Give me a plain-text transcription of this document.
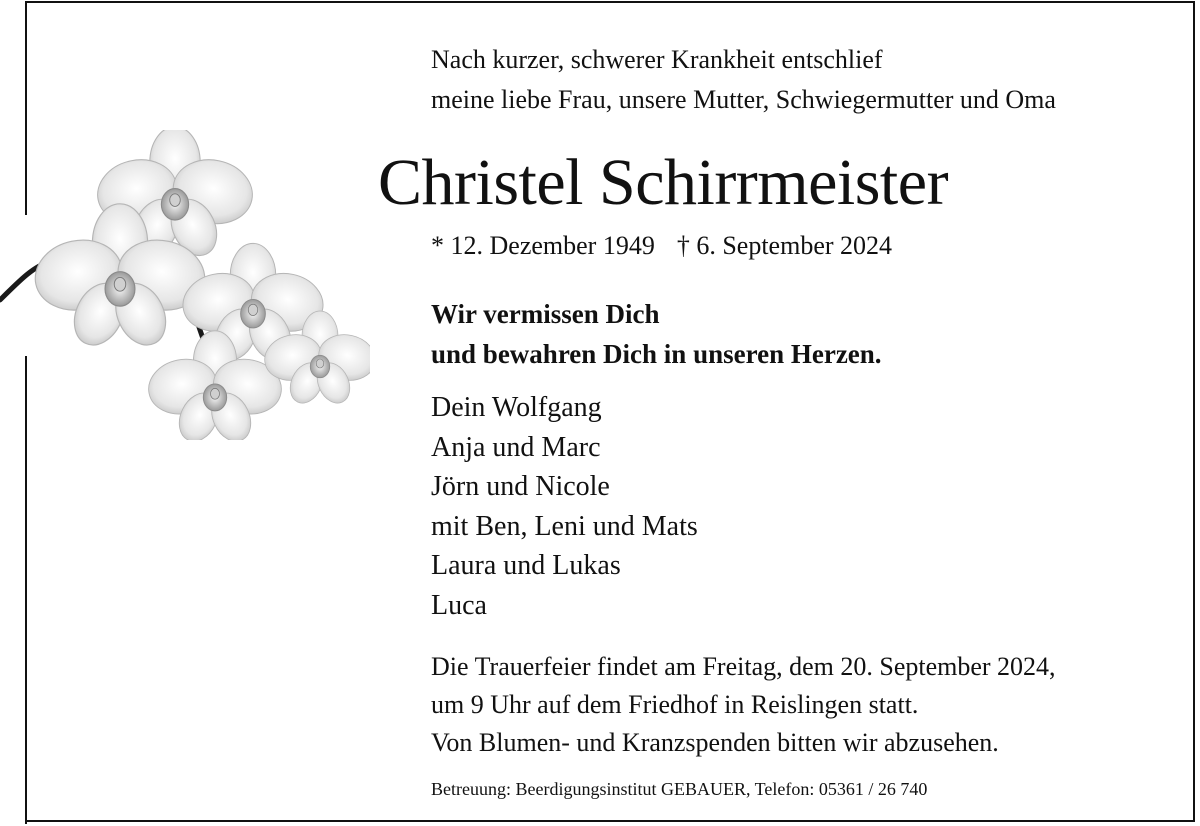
Nach kurzer, schwerer Krankheit entschlief
meine liebe Frau, unsere Mutter, Schwiegermutter und Oma
Christel Schirrmeister
* 12. Dezember 1949 † 6. September 2024
Wir vermissen Dich
und bewahren Dich in unseren Herzen.
Dein Wolfgang
Anja und Marc
Jörn und Nicole
mit Ben, Leni und Mats
Laura und Lukas
Luca
Die Trauerfeier findet am Freitag, dem 20. September 2024,
um 9 Uhr auf dem Friedhof in Reislingen statt.
Von Blumen- und Kranzspenden bitten wir abzusehen.
Betreuung: Beerdigungsinstitut GEBAUER, Telefon: 05361 / 26 740
